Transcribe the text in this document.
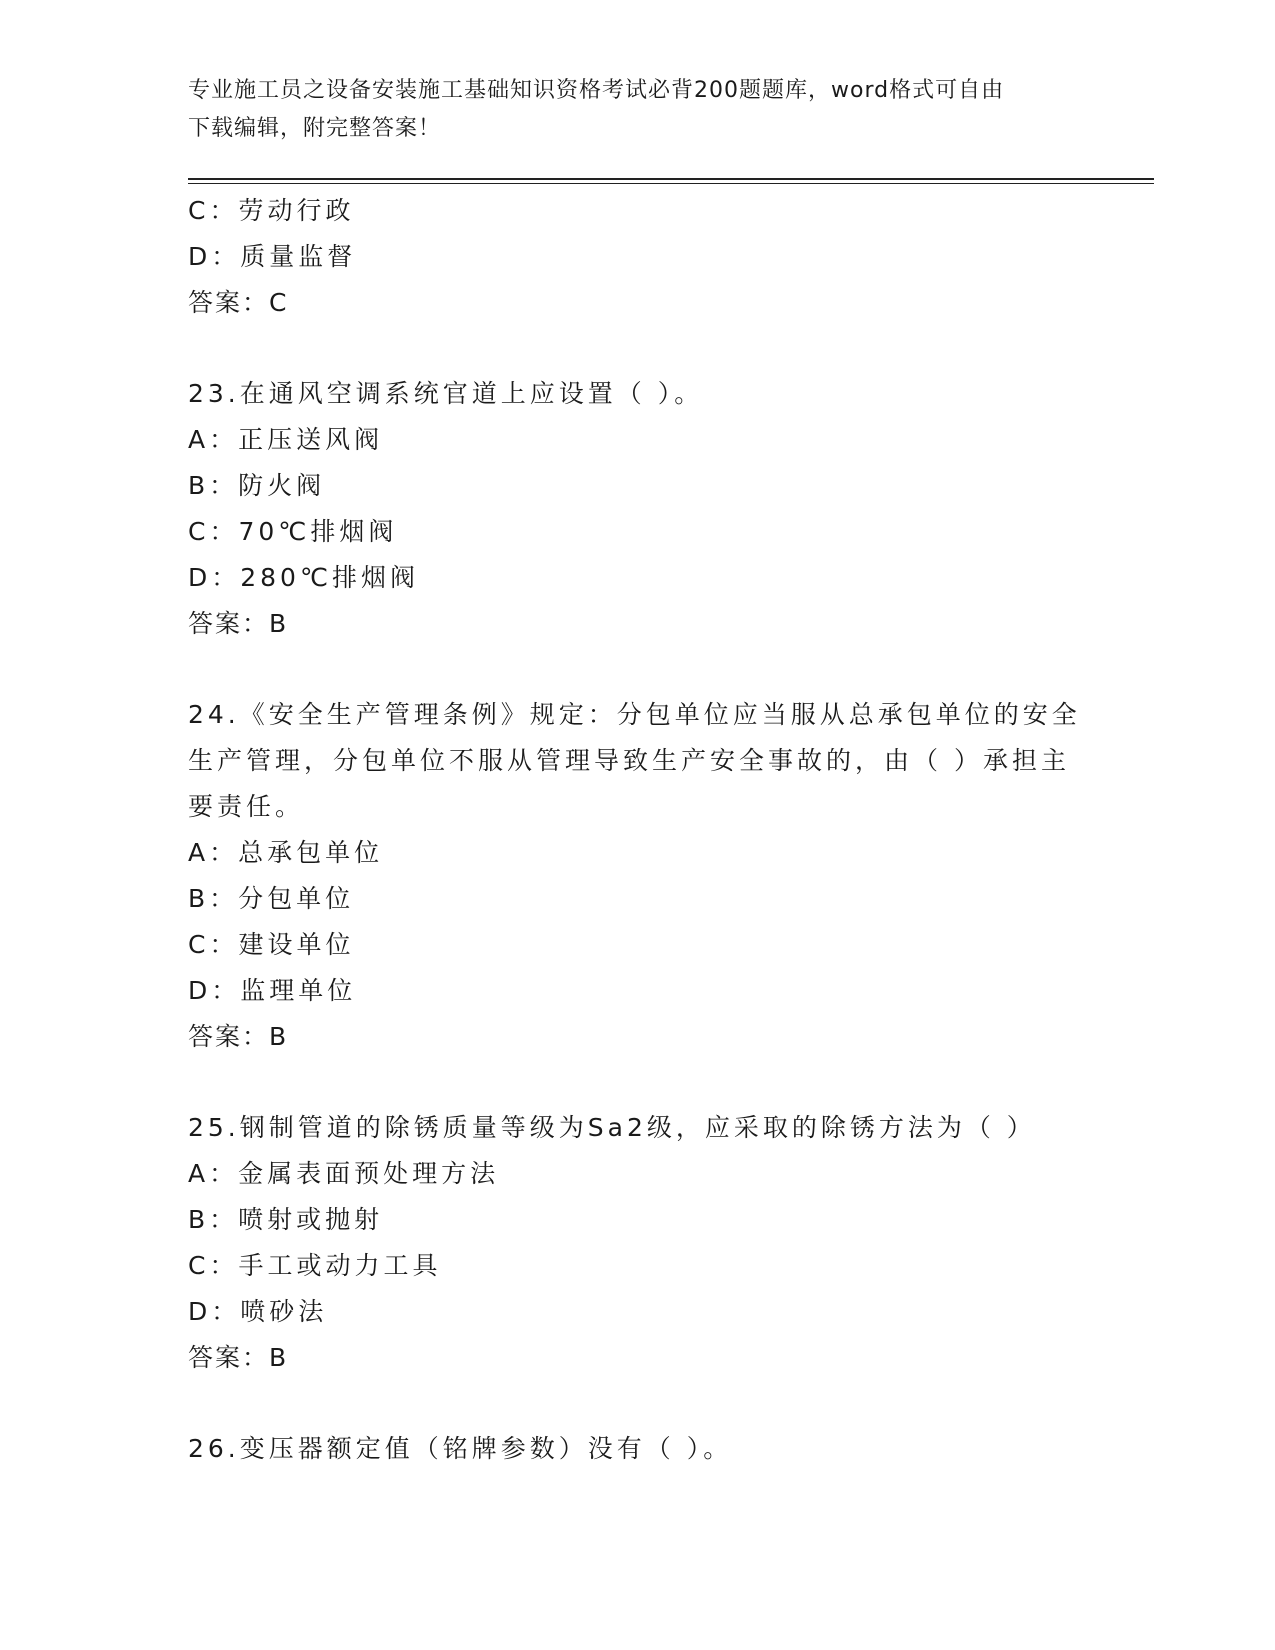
专业施工员之设备安装施工基础知识资格考试必背200题题库，word格式可自由
下载编辑，附完整答案！
C：劳动行政
D：质量监督
答案：C
23.在通风空调系统官道上应设置（ ）。
A：正压送风阀
B：防火阀
C：70℃排烟阀
D：280℃排烟阀
答案：B
24.《安全生产管理条例》规定：分包单位应当服从总承包单位的安全
生产管理，分包单位不服从管理导致生产安全事故的，由（ ）承担主
要责任。
A：总承包单位
B：分包单位
C：建设单位
D：监理单位
答案：B
25.钢制管道的除锈质量等级为Sa2级，应采取的除锈方法为（ ）
A：金属表面预处理方法
B：喷射或抛射
C：手工或动力工具
D：喷砂法
答案：B
26.变压器额定值（铭牌参数）没有（ ）。
